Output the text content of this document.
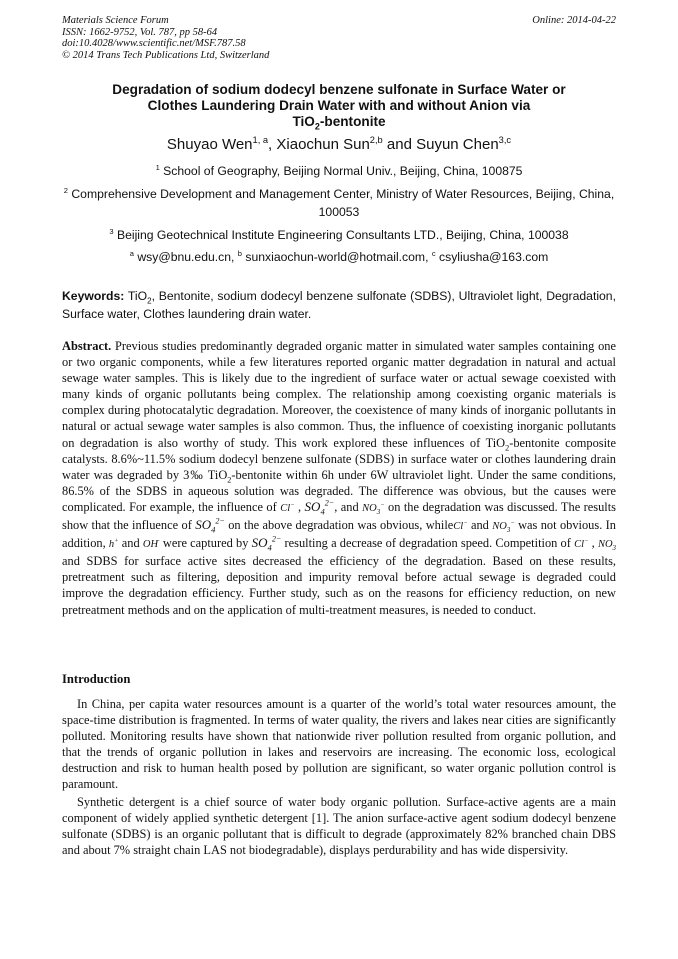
Materials Science Forum
ISSN: 1662-9752, Vol. 787, pp 58-64
doi:10.4028/www.scientific.net/MSF.787.58
© 2014 Trans Tech Publications Ltd, Switzerland
Online: 2014-04-22
Degradation of sodium dodecyl benzene sulfonate in Surface Water or
Clothes Laundering Drain Water with and without Anion via
TiO$_2$-bentonite
Shuyao Wen$^{1, a}$, Xiaochun Sun$^{2,b}$ and Suyun Chen$^{3,c}$
$^1$ School of Geography, Beijing Normal Univ., Beijing, China, 100875
$^2$ Comprehensive Development and Management Center, Ministry of Water Resources, Beijing, China, 100053
$^3$ Beijing Geotechnical Institute Engineering Consultants LTD., Beijing, China, 100038
$^a$ wsy@bnu.edu.cn, $^b$ sunxiaochun-world@hotmail.com, $^c$ csyliusha@163.com
Keywords: TiO$_2$, Bentonite, sodium dodecyl benzene sulfonate (SDBS), Ultraviolet light, Degradation, Surface water, Clothes laundering drain water.
Abstract. Previous studies predominantly degraded organic matter in simulated water samples containing one or two organic components, while a few literatures reported organic matter degradation in natural and actual sewage water samples. This is likely due to the ingredient of surface water or actual sewage coexisted with many kinds of organic pollutants being complex. The relationship among coexisting organic materials is complex during photocatalytic degradation. Moreover, the coexistence of many kinds of inorganic pollutants in natural or actual sewage water samples is also common. Thus, the influence of coexisting inorganic pollutants on degradation is also worthy of study. This work explored these influences of TiO$_2$-bentonite composite catalysts. 8.6%~11.5% sodium dodecyl benzene sulfonate (SDBS) in surface water or clothes laundering drain water was degraded by 3‰ TiO$_2$-bentonite within 6h under 6W ultraviolet light. Under the same conditions, 86.5% of the SDBS in aqueous solution was degraded. The difference was obvious, but the causes were complicated. For example, the influence of Cl− , $SO_4^{2-}$, and $NO_3^-$ on the degradation was discussed. The results show that the influence of $SO_4^{2-}$ on the above degradation was obvious, whileCl− and $NO_3^-$ was not obvious. In addition, h+ and OH· were captured by $SO_4^{2-}$ resulting a decrease of degradation speed. Competition of Cl− , $NO_3$ and SDBS for surface active sites decreased the efficiency of the degradation. Based on these results, pretreatment such as filtering, deposition and impurity removal before actual sewage is degraded could improve the degradation efficiency. Further study, such as on the reasons for efficiency reduction, on new pretreatment methods and on the application of multi-treatment measures, is needed to conduct.
Introduction
In China, per capita water resources amount is a quarter of the world’s total water resources amount, the space-time distribution is fragmented. In terms of water quality, the rivers and lakes near cities are significantly polluted. Monitoring results have shown that nationwide river pollution resulted from organic pollution, and that the trends of organic pollution in lakes and reservoirs are increasing. The economic loss, ecological destruction and risk to human health posed by pollution are significant, so water organic pollution control is paramount.
Synthetic detergent is a chief source of water body organic pollution. Surface-active agents are a main component of widely applied synthetic detergent [1]. The anion surface-active agent sodium dodecyl benzene sulfonate (SDBS) is an organic pollutant that is difficult to degrade (approximately 82% branched chain DBS and about 7% straight chain LAS not biodegradable), displays perdurability and has wide dispersivity.
